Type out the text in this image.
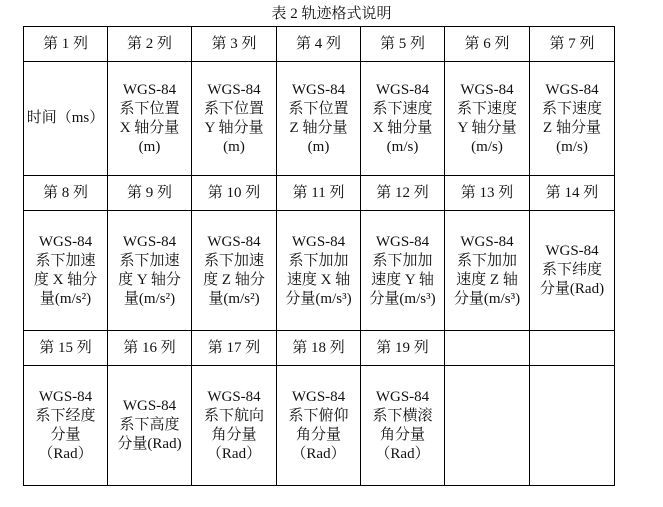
表 2 轨迹格式说明
第 1 列	第 2 列	第 3 列	第 4 列	第 5 列	第 6 列	第 7 列
时间（ms）	WGS-84
系下位置
X 轴分量
(m)	WGS-84
系下位置
Y 轴分量
(m)	WGS-84
系下位置
Z 轴分量
(m)	WGS-84
系下速度
X 轴分量
(m/s)	WGS-84
系下速度
Y 轴分量
(m/s)	WGS-84
系下速度
Z 轴分量
(m/s)
第 8 列	第 9 列	第 10 列	第 11 列	第 12 列	第 13 列	第 14 列
WGS-84
系下加速
度 X 轴分
量(m/s²)	WGS-84
系下加速
度 Y 轴分
量(m/s²)	WGS-84
系下加速
度 Z 轴分
量(m/s²)	WGS-84
系下加加
速度 X 轴
分量(m/s³)	WGS-84
系下加加
速度 Y 轴
分量(m/s³)	WGS-84
系下加加
速度 Z 轴
分量(m/s³)	WGS-84
系下纬度
分量(Rad)
第 15 列	第 16 列	第 17 列	第 18 列	第 19 列		
WGS-84
系下经度
分量
（Rad）	WGS-84
系下高度
分量(Rad)	WGS-84
系下航向
角分量
（Rad）	WGS-84
系下俯仰
角分量
（Rad）	WGS-84
系下横滚
角分量
（Rad）		
